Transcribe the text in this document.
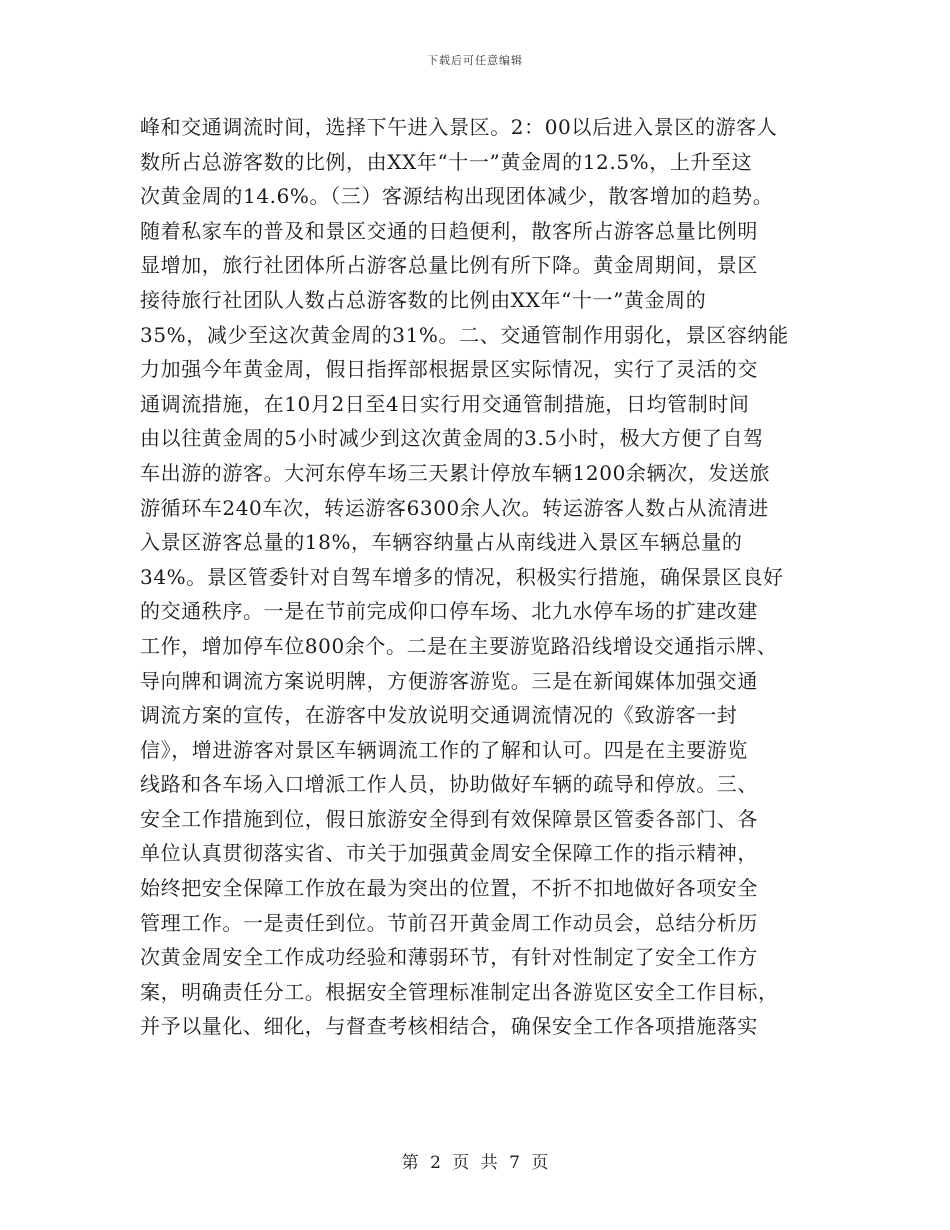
下载后可任意编辑
峰和交通调流时间，选择下午进入景区。2：00以后进入景区的游客人
数所占总游客数的比例，由XX年“十一”黄金周的12.5%，上升至这
次黄金周的14.6%。（三）客源结构出现团体减少，散客增加的趋势。
随着私家车的普及和景区交通的日趋便利，散客所占游客总量比例明
显增加，旅行社团体所占游客总量比例有所下降。黄金周期间，景区
接待旅行社团队人数占总游客数的比例由XX年“十一”黄金周的
35%，减少至这次黄金周的31%。二、交通管制作用弱化，景区容纳能
力加强今年黄金周，假日指挥部根据景区实际情况，实行了灵活的交
通调流措施，在10月2日至4日实行用交通管制措施，日均管制时间
由以往黄金周的5小时减少到这次黄金周的3.5小时，极大方便了自驾
车出游的游客。大河东停车场三天累计停放车辆1200余辆次，发送旅
游循环车240车次，转运游客6300余人次。转运游客人数占从流清进
入景区游客总量的18%，车辆容纳量占从南线进入景区车辆总量的
34%。景区管委针对自驾车增多的情况，积极实行措施，确保景区良好
的交通秩序。一是在节前完成仰口停车场、北九水停车场的扩建改建
工作，增加停车位800余个。二是在主要游览路沿线增设交通指示牌、
导向牌和调流方案说明牌，方便游客游览。三是在新闻媒体加强交通
调流方案的宣传，在游客中发放说明交通调流情况的《致游客一封
信》，增进游客对景区车辆调流工作的了解和认可。四是在主要游览
线路和各车场入口增派工作人员，协助做好车辆的疏导和停放。三、
安全工作措施到位，假日旅游安全得到有效保障景区管委各部门、各
单位认真贯彻落实省、市关于加强黄金周安全保障工作的指示精神，
始终把安全保障工作放在最为突出的位置，不折不扣地做好各项安全
管理工作。一是责任到位。节前召开黄金周工作动员会，总结分析历
次黄金周安全工作成功经验和薄弱环节，有针对性制定了安全工作方
案，明确责任分工。根据安全管理标准制定出各游览区安全工作目标，
并予以量化、细化，与督查考核相结合，确保安全工作各项措施落实
第 2 页 共 7 页
